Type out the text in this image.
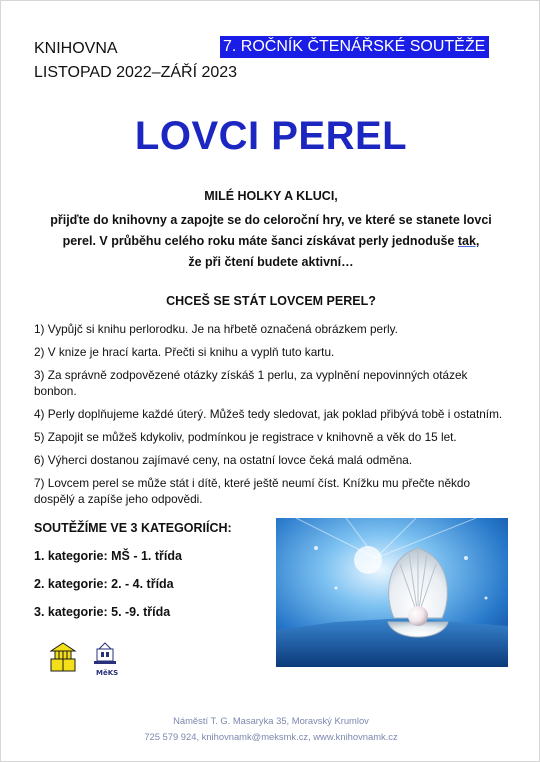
KNIHOVNA
LISTOPAD 2022–ZÁŘÍ 2023
7. ROČNÍK ČTENÁŘSKÉ SOUTĚŽE
LOVCI PEREL
MILÉ HOLKY A KLUCI,
přijďte do knihovny a zapojte se do celoroční hry, ve které se stanete lovci
perel. V průběhu celého roku máte šanci získávat perly jednoduše tak,
že při čtení budete aktivní…
CHCEŠ SE STÁT LOVCEM PEREL?
1) Vypůjč si knihu perlorodku. Je na hřbetě označená obrázkem perly.
2) V knize je hrací karta. Přečti si knihu a vyplň tuto kartu.
3) Za správně zodpovězené otázky získáš 1 perlu, za vyplnění nepovinných otázek bonbon.
4) Perly doplňujeme každé úterý. Můžeš tedy sledovat, jak poklad přibývá tobě i ostatním.
5) Zapojit se můžeš kdykoliv, podmínkou je registrace v knihovně a věk do 15 let.
6) Výherci dostanou zajímavé ceny, na ostatní lovce čeká malá odměna.
7) Lovcem perel se může stát i dítě, které ještě neumí číst. Knížku mu přečte někdo dospělý a zapíše jeho odpovědi.
SOUTĚŽÍME VE 3 KATEGORIÍCH:
1. kategorie: MŠ - 1. třída
2. kategorie: 2. - 4. třída
3. kategorie: 5. -9. třída
MěKS
Náměstí T. G. Masaryka 35, Moravský Krumlov
725 579 924, knihovnamk@meksmk.cz, www.knihovnamk.cz
